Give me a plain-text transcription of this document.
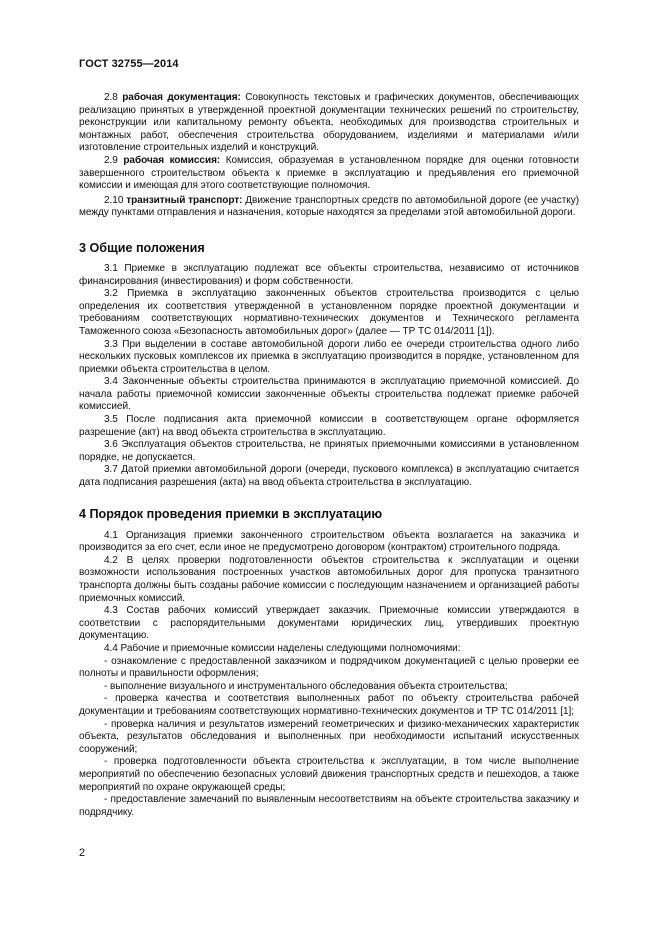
ГОСТ 32755—2014

2.8 рабочая документация: Совокупность текстовых и графических документов, обеспечивающих реализацию принятых в утвержденной проектной документации технических решений по строительству, реконструкции или капитальному ремонту объекта, необходимых для производства строительных и монтажных работ, обеспечения строительства оборудованием, изделиями и материалами и/или изготовление строительных изделий и конструкций.

2.9 рабочая комиссия: Комиссия, образуемая в установленном порядке для оценки готовности завершенного строительством объекта к приемке в эксплуатацию и предъявления его приемочной комиссии и имеющая для этого соответствующие полномочия.

2.10 транзитный транспорт: Движение транспортных средств по автомобильной дороге (ее участку) между пунктами отправления и назначения, которые находятся за пределами этой автомобильной дороги.

3 Общие положения

3.1 Приемке в эксплуатацию подлежат все объекты строительства, независимо от источников финансирования (инвестирования) и форм собственности.

3.2 Приемка в эксплуатацию законченных объектов строительства производится с целью определения их соответствия утвержденной в установленном порядке проектной документации и требованиям соответствующих нормативно-технических документов и Технического регламента Таможенного союза «Безопасность автомобильных дорог» (далее — ТР ТС 014/2011 [1]).

3.3 При выделении в составе автомобильной дороги либо ее очереди строительства одного либо нескольких пусковых комплексов их приемка в эксплуатацию производится в порядке, установленном для приемки объекта строительства в целом.

3.4 Законченные объекты строительства принимаются в эксплуатацию приемочной комиссией. До начала работы приемочной комиссии законченные объекты строительства подлежат приемке рабочей комиссией.

3.5 После подписания акта приемочной комиссии в соответствующем органе оформляется разрешение (акт) на ввод объекта строительства в эксплуатацию.

3.6 Эксплуатация объектов строительства, не принятых приемочными комиссиями в установленном порядке, не допускается.

3.7 Датой приемки автомобильной дороги (очереди, пускового комплекса) в эксплуатацию считается дата подписания разрешения (акта) на ввод объекта строительства в эксплуатацию.

4 Порядок проведения приемки в эксплуатацию

4.1 Организация приемки законченного строительством объекта возлагается на заказчика и производится за его счет, если иное не предусмотрено договором (контрактом) строительного подряда.

4.2 В целях проверки подготовленности объектов строительства к эксплуатации и оценки возможности использования построенных участков автомобильных дорог для пропуска транзитного транспорта должны быть созданы рабочие комиссии с последующим назначением и организацией работы приемочных комиссий.

4.3 Состав рабочих комиссий утверждает заказчик. Приемочные комиссии утверждаются в соответствии с распорядительными документами юридических лиц, утвердивших проектную документацию.

4.4 Рабочие и приемочные комиссии наделены следующими полномочиями:

- ознакомление с предоставленной заказчиком и подрядчиком документацией с целью проверки ее полноты и правильности оформления;

- выполнение визуального и инструментального обследования объекта строительства;

- проверка качества и соответствия выполненных работ по объекту строительства рабочей документации и требованиям соответствующих нормативно-технических документов и ТР ТС 014/2011 [1];

- проверка наличия и результатов измерений геометрических и физико-механических характеристик объекта, результатов обследования и выполненных при необходимости испытаний искусственных сооружений;

- проверка подготовленности объекта строительства к эксплуатации, в том числе выполнение мероприятий по обеспечению безопасных условий движения транспортных средств и пешеходов, а также мероприятий по охране окружающей среды;

- предоставление замечаний по выявленным несоответствиям на объекте строительства заказчику и подрядчику.

2
